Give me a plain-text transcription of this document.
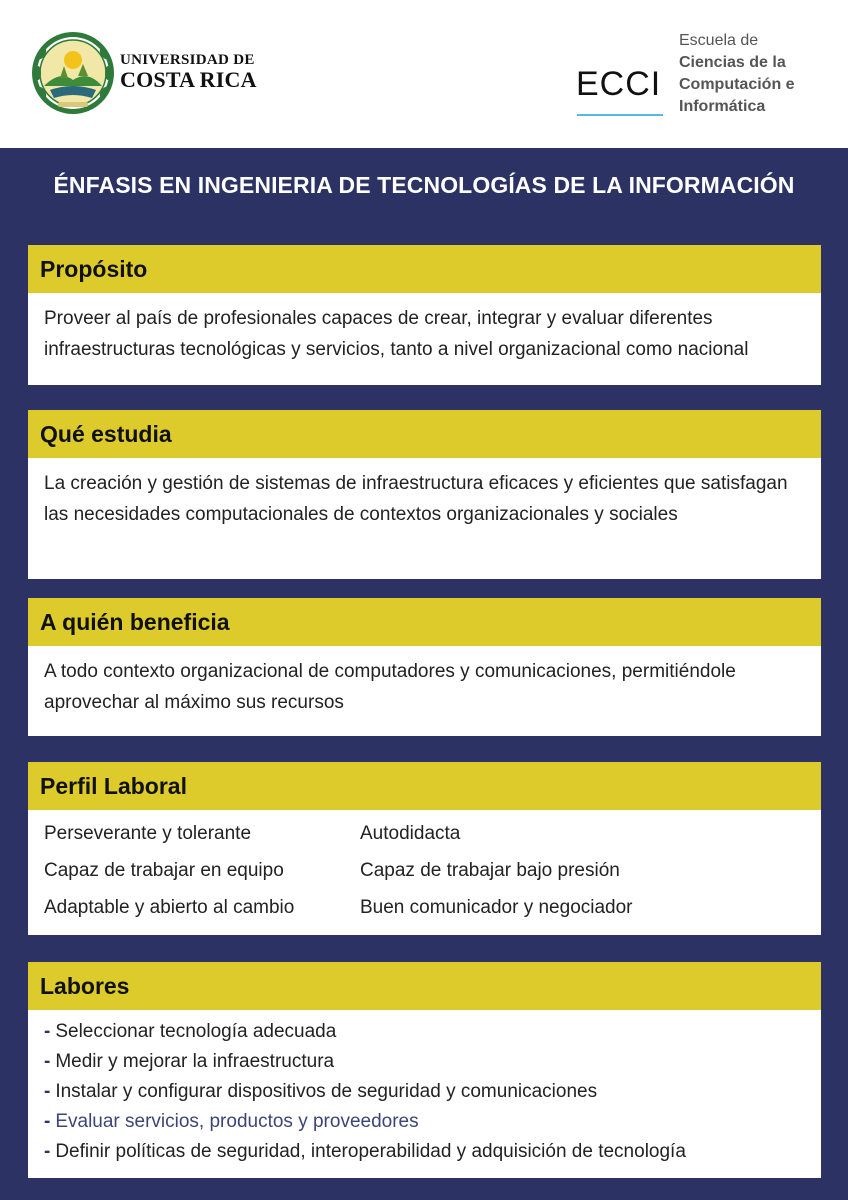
UNIVERSIDAD DE
COSTA RICA	ECCI
Escuela de
Ciencias de la
Computación e
Informática
ÉNFASIS EN INGENIERIA DE TECNOLOGÍAS DE LA INFORMACIÓN
Propósito
Proveer al país de profesionales capaces de crear, integrar y evaluar diferentes infraestructuras tecnológicas y servicios, tanto a nivel organizacional como nacional
Qué estudia
La creación y gestión de sistemas de infraestructura eficaces y eficientes que satisfagan las necesidades computacionales de contextos organizacionales y sociales
A quién beneficia
A todo contexto organizacional de computadores y comunicaciones, permitiéndole aprovechar al máximo sus recursos
Perfil Laboral
Perseverante y tolerante	Autodidacta
Capaz de trabajar en equipo	Capaz de trabajar bajo presión
Adaptable y abierto al cambio	Buen comunicador y negociador
Labores
- Seleccionar tecnología adecuada
- Medir y mejorar la infraestructura
- Instalar y configurar dispositivos de seguridad y comunicaciones
- Evaluar servicios, productos y proveedores
- Definir políticas de seguridad, interoperabilidad y adquisición de tecnología
